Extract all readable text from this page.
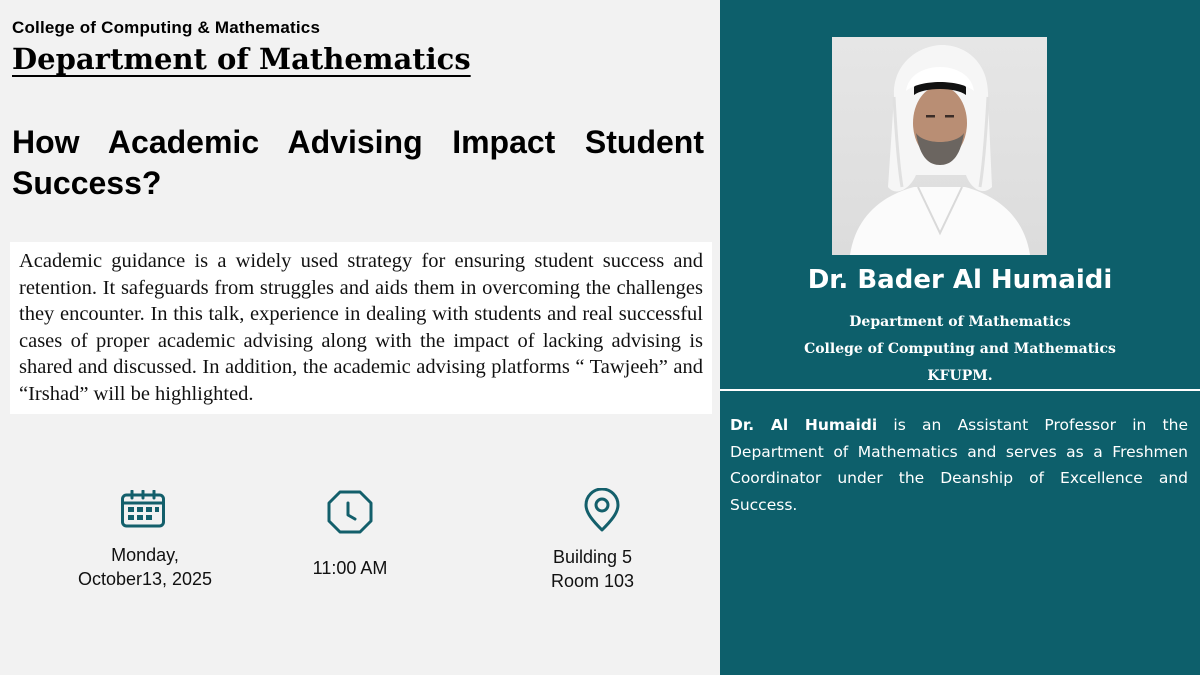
College of Computing & Mathematics
Department of Mathematics
How Academic Advising Impact Student Success?
Academic guidance is a widely used strategy for ensuring student success and retention. It safeguards from struggles and aids them in overcoming the challenges they encounter. In this talk, experience in dealing with students and real successful cases of proper academic advising along with the impact of lacking advising is shared and discussed. In addition, the academic advising platforms “ Tawjeeh” and “Irshad” will be highlighted.
Monday,
October13, 2025
11:00 AM
Building 5
Room 103
Dr. Bader Al Humaidi
Department of Mathematics
College of Computing and Mathematics
KFUPM.
Dr. Al Humaidi is an Assistant Professor in the Department of Mathematics and serves as a Freshmen Coordinator under the Deanship of Excellence and Success.
